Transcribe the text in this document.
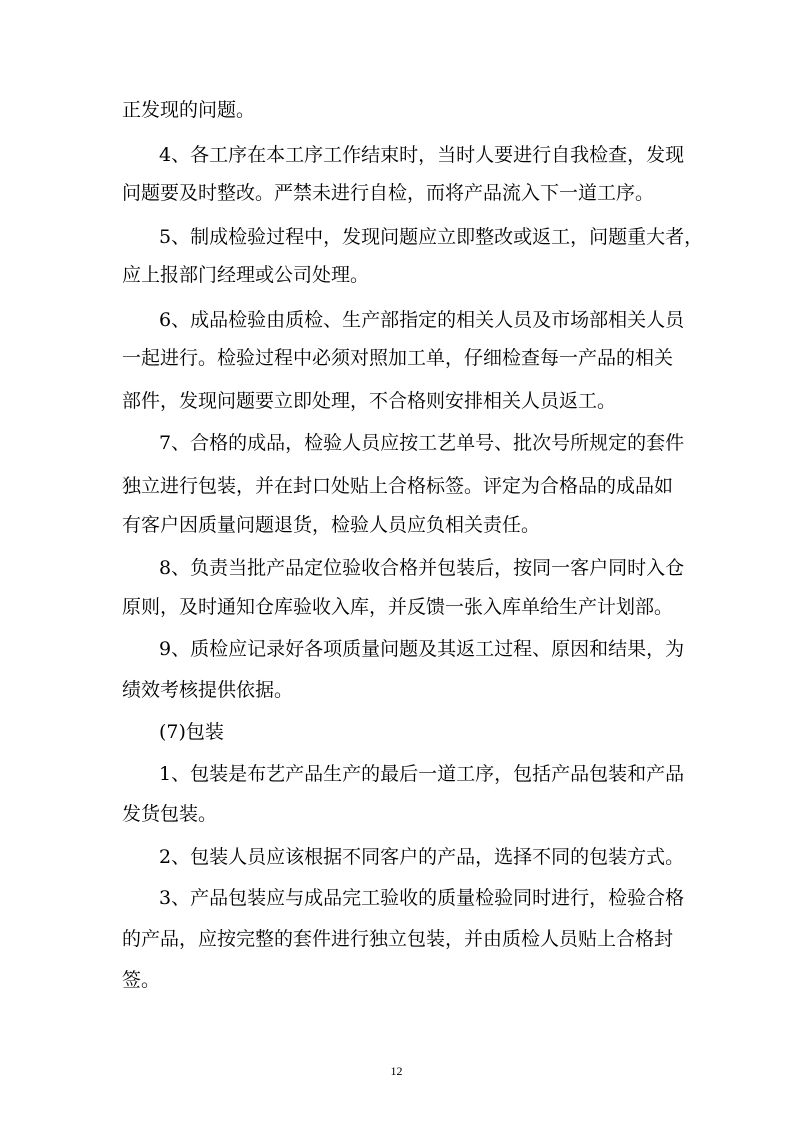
正发现的问题。
4、各工序在本工序工作结束时，当时人要进行自我检查，发现
问题要及时整改。严禁未进行自检，而将产品流入下一道工序。
5、制成检验过程中，发现问题应立即整改或返工，问题重大者，
应上报部门经理或公司处理。
6、成品检验由质检、生产部指定的相关人员及市场部相关人员
一起进行。检验过程中必须对照加工单，仔细检查每一产品的相关
部件，发现问题要立即处理，不合格则安排相关人员返工。
7、合格的成品，检验人员应按工艺单号、批次号所规定的套件
独立进行包装，并在封口处贴上合格标签。评定为合格品的成品如
有客户因质量问题退货，检验人员应负相关责任。
8、负责当批产品定位验收合格并包装后，按同一客户同时入仓
原则，及时通知仓库验收入库，并反馈一张入库单给生产计划部。
9、质检应记录好各项质量问题及其返工过程、原因和结果，为
绩效考核提供依据。
(7)包装
1、包装是布艺产品生产的最后一道工序，包括产品包装和产品
发货包装。
2、包装人员应该根据不同客户的产品，选择不同的包装方式。
3、产品包装应与成品完工验收的质量检验同时进行，检验合格
的产品，应按完整的套件进行独立包装，并由质检人员贴上合格封
签。
12
